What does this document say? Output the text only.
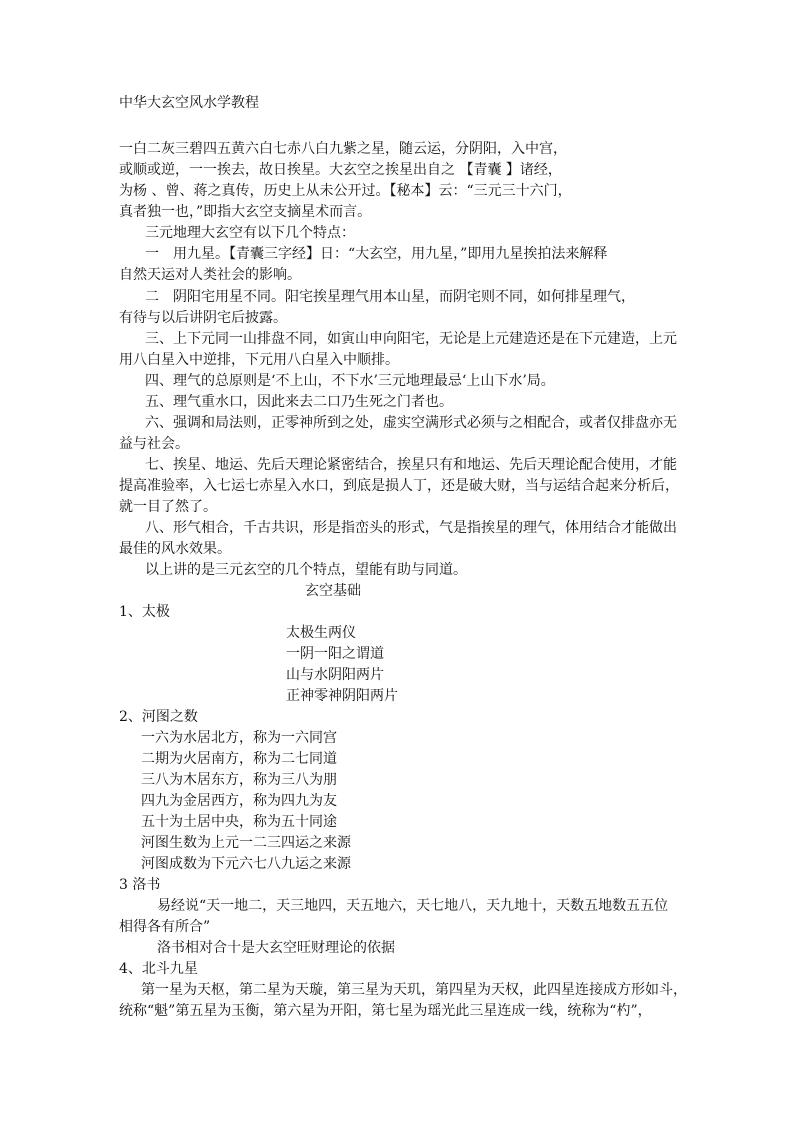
中华大玄空风水学教程
一白二灰三碧四五黄六白七赤八白九紫之星，随云运，分阴阳，入中宫，
或顺或逆，一一挨去，故日挨星。大玄空之挨星出自之 【青囊 】诸经，
为杨 、曾、蒋之真传，历史上从未公开过。【秘本】云：“三元三十六门，
真者独一也，”即指大玄空支摘星术而言。
三元地理大玄空有以下几个特点：
一　用九星。【青囊三字经】日：“大玄空，用九星，”即用九星挨拍法来解释
自然天运对人类社会的影响。
二　阴阳宅用星不同。阳宅挨星理气用本山星，而阴宅则不同，如何排星理气，
有待与以后讲阴宅后披露。
三、上下元同一山排盘不同，如寅山申向阳宅，无论是上元建造还是在下元建造，上元
用八白星入中逆排，下元用八白星入中顺排。
四、理气的总原则是‘不上山，不下水’三元地理最忌‘上山下水’局。
五、理气重水口，因此来去二口乃生死之门者也。
六、强调和局法则，正零神所到之处，虚实空满形式必须与之相配合，或者仅排盘亦无
益与社会。
七、挨星、地运、先后天理论紧密结合，挨星只有和地运、先后天理论配合使用，才能
提高准验率，入七运七赤星入水口，到底是损人丁，还是破大财，当与运结合起来分析后，
就一目了然了。
八、形气相合，千古共识，形是指峦头的形式，气是指挨星的理气，体用结合才能做出
最佳的风水效果。
以上讲的是三元玄空的几个特点，望能有助与同道。
玄空基础
1、太极
太极生两仪
一阴一阳之谓道
山与水阴阳两片
正神零神阴阳两片
2、河图之数
一六为水居北方，称为一六同宫
二期为火居南方，称为二七同道
三八为木居东方，称为三八为朋
四九为金居西方，称为四九为友
五十为土居中央，称为五十同途
河图生数为上元一二三四运之来源
河图成数为下元六七八九运之来源
3 洛书
易经说“天一地二，天三地四，天五地六，天七地八，天九地十，天数五地数五五位
相得各有所合”
洛书相对合十是大玄空旺财理论的依据
4、北斗九星
第一星为天枢，第二星为天璇，第三星为天玑，第四星为天权，此四星连接成方形如斗，
统称“魁”第五星为玉衡，第六星为开阳，第七星为瑶光此三星连成一线，统称为“杓”，
